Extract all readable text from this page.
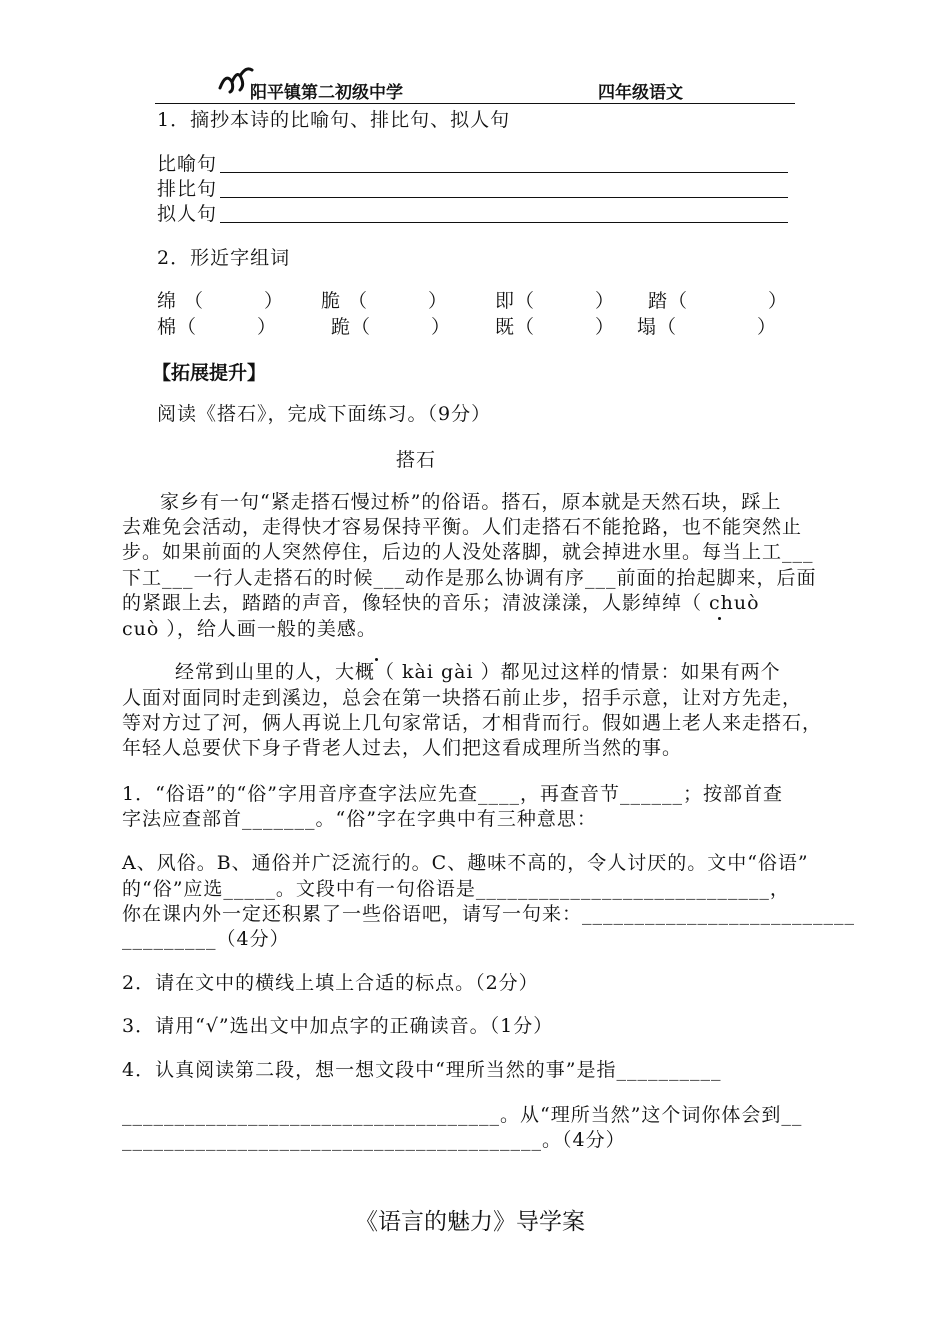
阳平镇第二初级中学	四年级语文
1．摘抄本诗的比喻句、排比句、拟人句
比喻句
排比句
拟人句
2．形近字组词
绵 （　　　） 脆 （　　　） 即（　　　） 踏（　　　　）
棉（　　　）	跪（　　　） 既（　　　） 塌（　　　　）
【拓展提升】
阅读《搭石》，完成下面练习。（9分）
搭石
家乡有一句“紧走搭石慢过桥”的俗语。搭石，原本就是天然石块，踩上
去难免会活动，走得快才容易保持平衡。人们走搭石不能抢路，也不能突然止
步。如果前面的人突然停住，后边的人没处落脚，就会掉进水里。每当上工___
下工___一行人走搭石的时候___动作是那么协调有序___前面的抬起脚来，后面
的紧跟上去，踏踏的声音，像轻快的音乐；清波漾漾，人影绰绰（ chuò
cuò ），给人画一般的美感。
经常到山里的人，大概（ kài gài ）都见过这样的情景：如果有两个
人面对面同时走到溪边，总会在第一块搭石前止步，招手示意，让对方先走，
等对方过了河，俩人再说上几句家常话，才相背而行。假如遇上老人来走搭石，
年轻人总要伏下身子背老人过去，人们把这看成理所当然的事。
1．“俗语”的“俗”字用音序查字法应先查____，再查音节______；按部首查
字法应查部首_______。“俗”字在字典中有三种意思：
A、风俗。B、通俗并广泛流行的。C、趣味不高的，令人讨厌的。文中“俗语”
的“俗”应选_____。文段中有一句俗语是____________________________，
你在课内外一定还积累了一些俗语吧，请写一句来：__________________________
_________（4分）
2．请在文中的横线上填上合适的标点。（2分）
3．请用“√”选出文中加点字的正确读音。（1分）
4．认真阅读第二段，想一想文段中“理所当然的事”是指__________
____________________________________。从“理所当然”这个词你体会到__
________________________________________。（4分）
《语言的魅力》导学案
